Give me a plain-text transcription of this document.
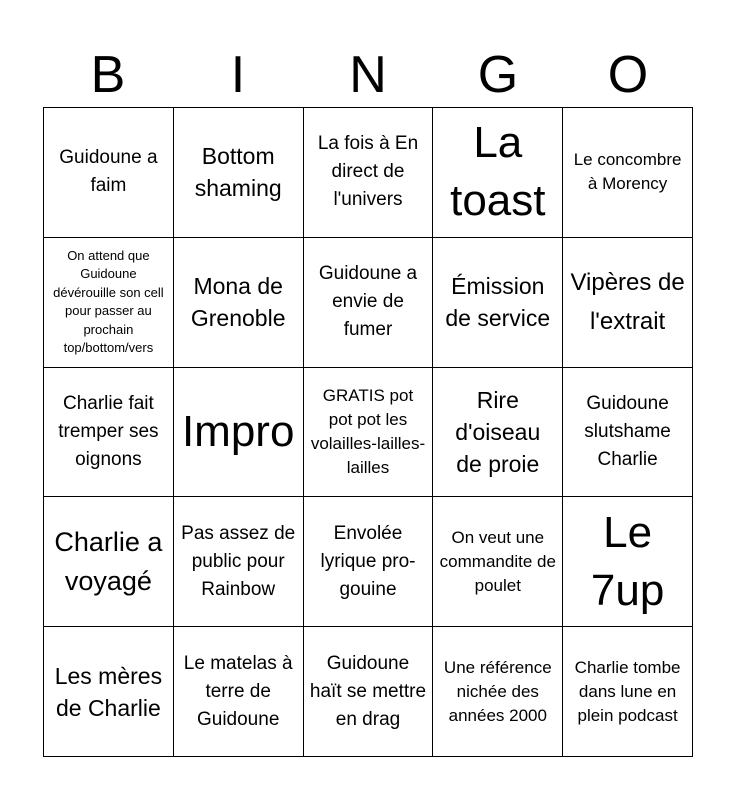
B	I	N	G	O
Guidoune a faim
Bottom shaming
La fois à En direct de l'univers
La toast
Le concombre à Morency
On attend que Guidoune dévérouille son cell pour passer au prochain top/bottom/vers
Mona de Grenoble
Guidoune a envie de fumer
Émission de service
Vipères de l'extrait
Charlie fait tremper ses oignons
Impro
GRATIS pot pot pot les volailles-lailles-lailles
Rire d'oiseau de proie
Guidoune slutshame Charlie
Charlie a voyagé
Pas assez de public pour Rainbow
Envolée lyrique pro-gouine
On veut une commandite de poulet
Le 7up
Les mères de Charlie
Le matelas à terre de Guidoune
Guidoune haït se mettre en drag
Une référence nichée des années 2000
Charlie tombe dans lune en plein podcast
